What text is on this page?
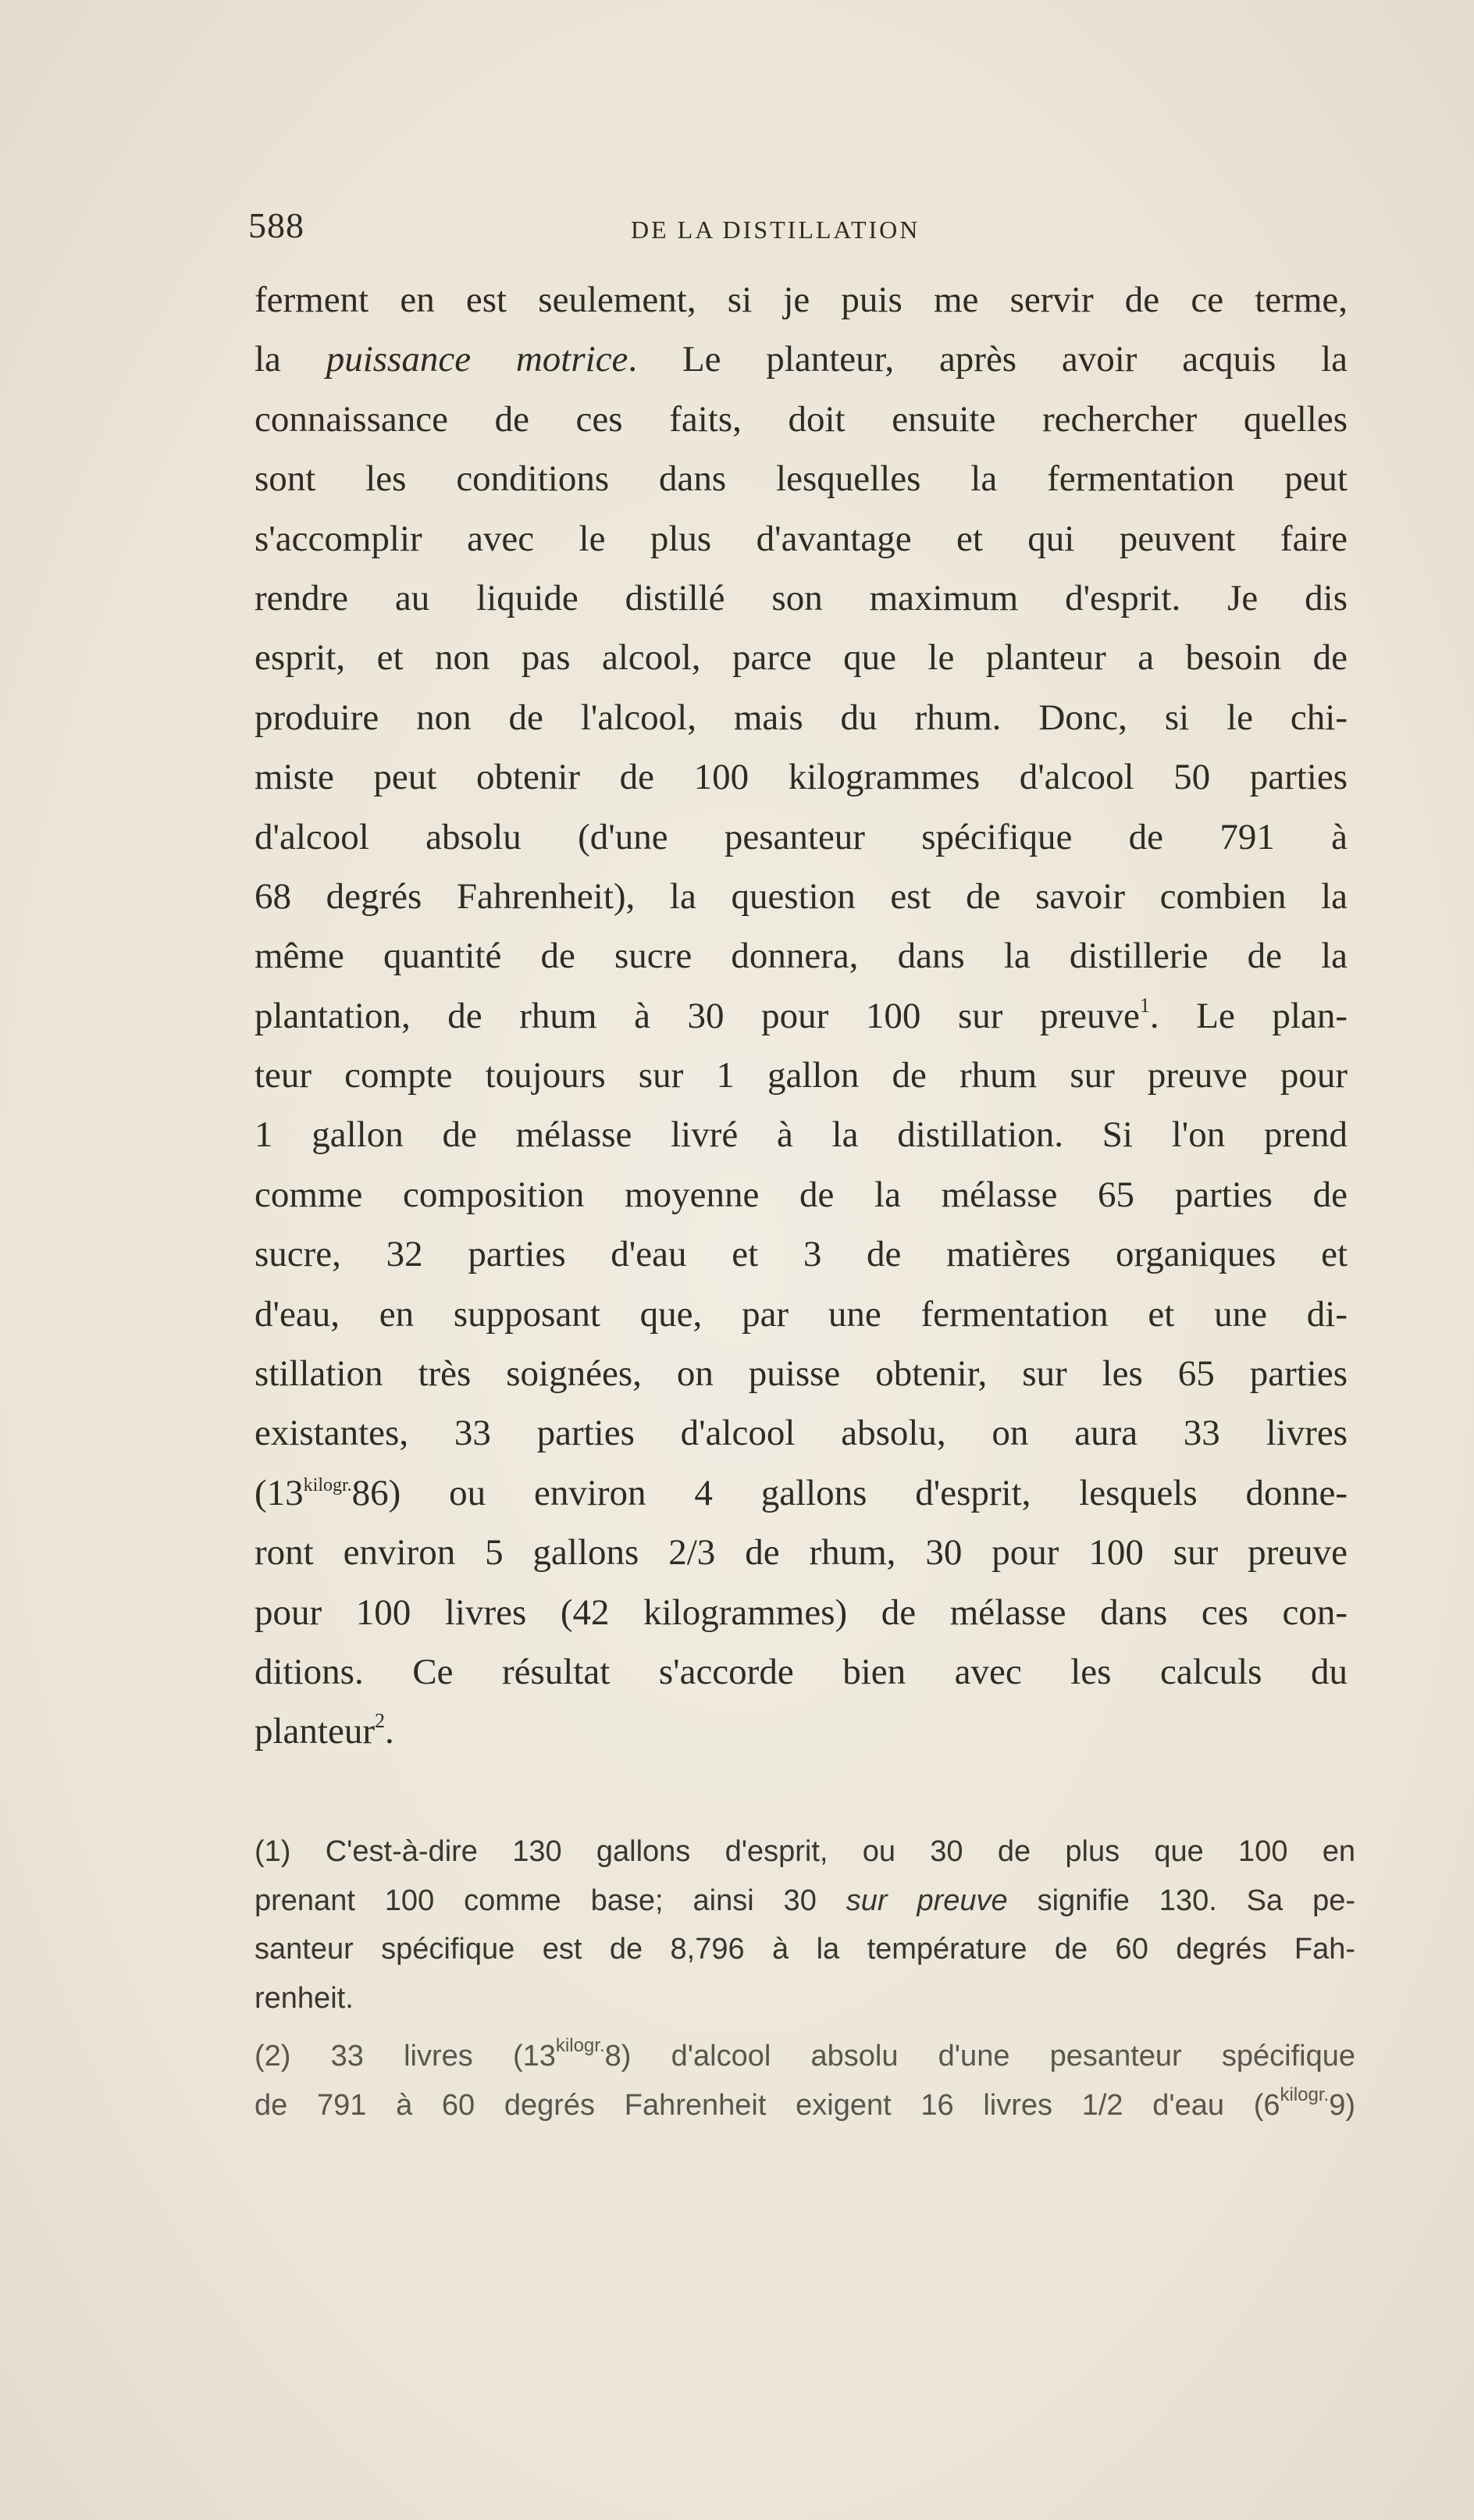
588	DE LA DISTILLATION
ferment en est seulement, si je puis me servir de ce terme,
la puissance motrice. Le planteur, après avoir acquis la
connaissance de ces faits, doit ensuite rechercher quelles
sont les conditions dans lesquelles la fermentation peut
s'accomplir avec le plus d'avantage et qui peuvent faire
rendre au liquide distillé son maximum d'esprit. Je dis
esprit, et non pas alcool, parce que le planteur a besoin de
produire non de l'alcool, mais du rhum. Donc, si le chi-
miste peut obtenir de 100 kilogrammes d'alcool 50 parties
d'alcool absolu (d'une pesanteur spécifique de 791 à
68 degrés Fahrenheit), la question est de savoir combien la
même quantité de sucre donnera, dans la distillerie de la
plantation, de rhum à 30 pour 100 sur preuve$^1$. Le plan-
teur compte toujours sur 1 gallon de rhum sur preuve pour
1 gallon de mélasse livré à la distillation. Si l'on prend
comme composition moyenne de la mélasse 65 parties de
sucre, 32 parties d'eau et 3 de matières organiques et
d'eau, en supposant que, par une fermentation et une di-
stillation très soignées, on puisse obtenir, sur les 65 parties
existantes, 33 parties d'alcool absolu, on aura 33 livres
$(13^{kilogr.}86)$ ou environ 4 gallons d'esprit, lesquels donne-
ront environ 5 gallons 2/3 de rhum, 30 pour 100 sur preuve
pour 100 livres (42 kilogrammes) de mélasse dans ces con-
ditions. Ce résultat s'accorde bien avec les calculs du
planteur$^2$.
(1) C'est-à-dire 130 gallons d'esprit, ou 30 de plus que 100 en
prenant 100 comme base; ainsi 30 sur preuve signifie 130. Sa pe-
santeur spécifique est de 8,796 à la température de 60 degrés Fah-
renheit.
(2) 33 livres $(13^{kilogr.}8)$ d'alcool absolu d'une pesanteur spécifique
de 791 à 60 degrés Fahrenheit exigent 16 livres 1/2 d'eau $(6^{kilogr.}9)$
